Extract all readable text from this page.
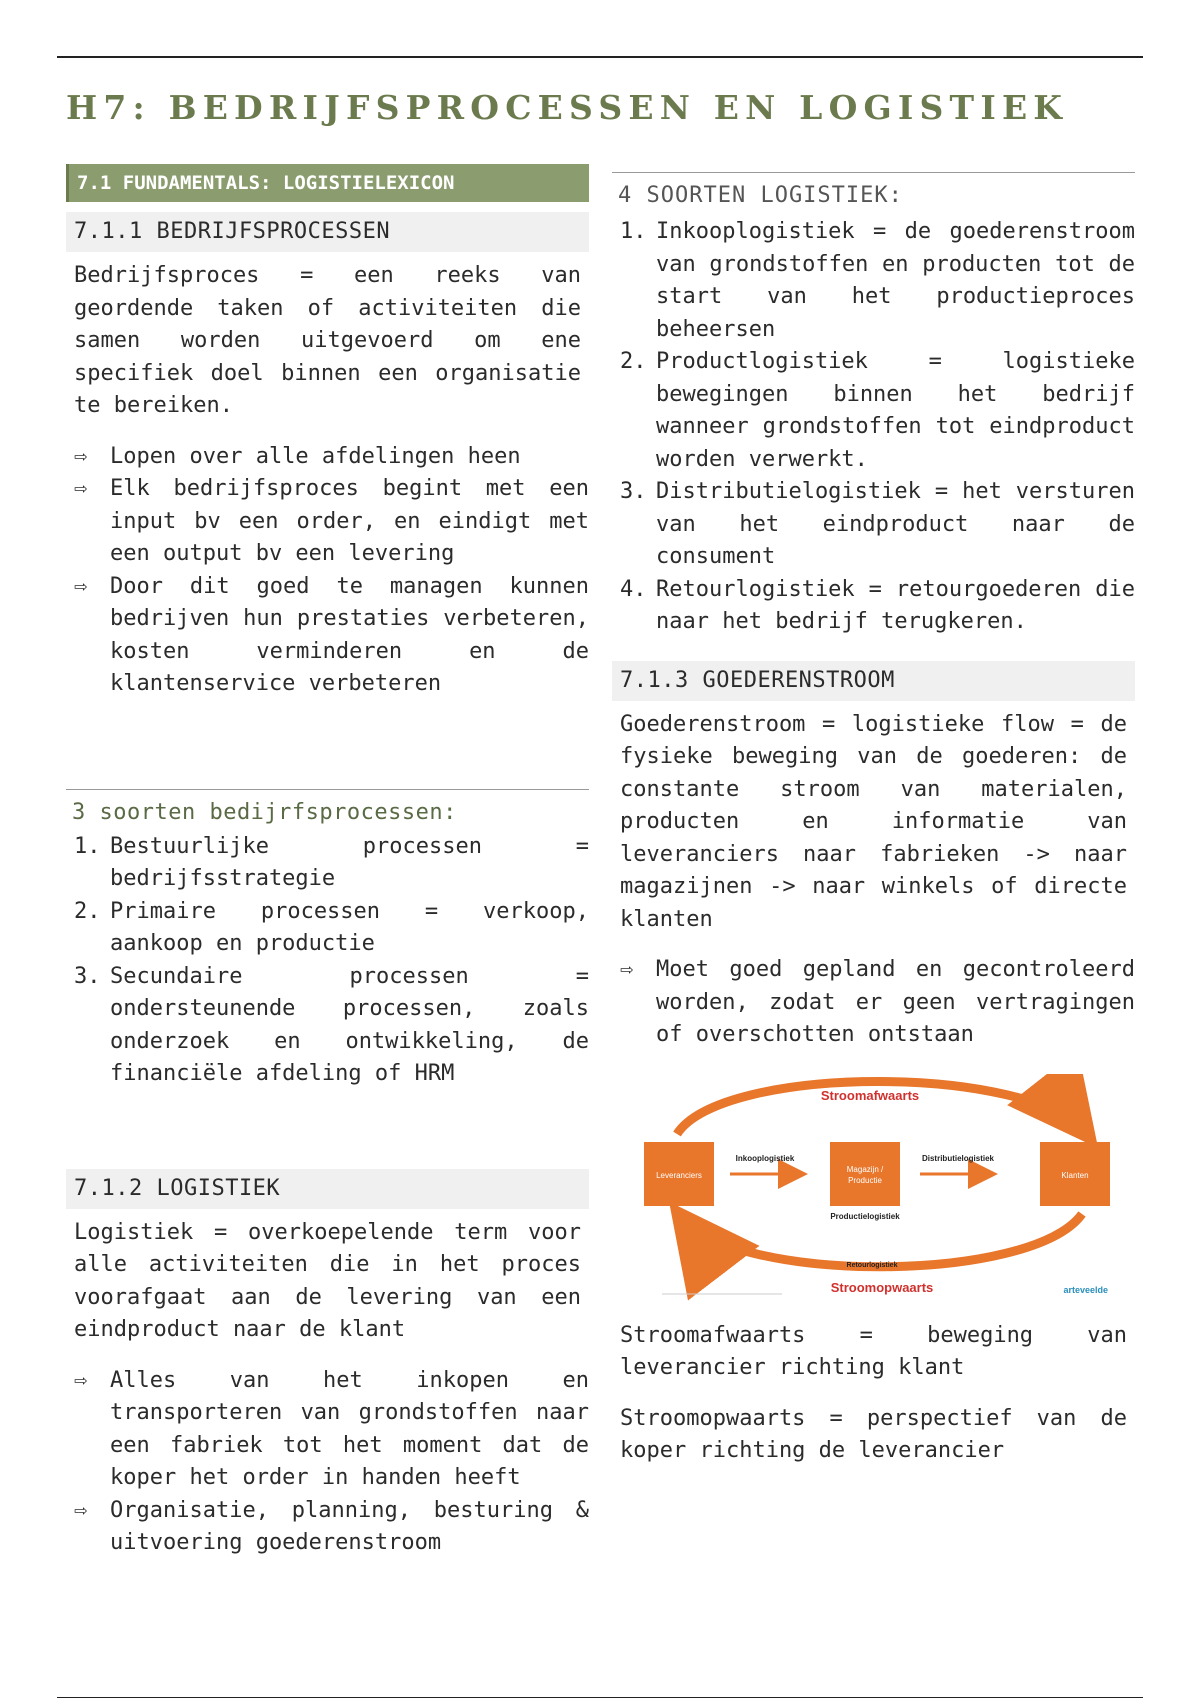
H7: BEDRIJFSPROCESSEN EN LOGISTIEK
7.1 FUNDAMENTALS: LOGISTIELEXICON
7.1.1 BEDRIJFSPROCESSEN

Bedrijfsproces = een reeks van geordende taken of activiteiten die samen worden uitgevoerd om ene specifiek doel binnen een organisatie te bereiken.

⇨ Lopen over alle afdelingen heen
⇨ Elk bedrijfsproces begint met een input bv een order, en eindigt met een output bv een levering
⇨ Door dit goed te managen kunnen bedrijven hun prestaties verbeteren, kosten verminderen en de klantenservice verbeteren
3 soorten bedijrfsprocessen:
1. Bestuurlijke processen = bedrijfsstrategie
2. Primaire processen = verkoop, aankoop en productie
3. Secundaire processen = ondersteunende processen, zoals onderzoek en ontwikkeling, de financiële afdeling of HRM
7.1.2 LOGISTIEK

Logistiek = overkoepelende term voor alle activiteiten die in het proces voorafgaat aan de levering van een eindproduct naar de klant

⇨ Alles van het inkopen en transporteren van grondstoffen naar een fabriek tot het moment dat de koper het order in handen heeft
⇨ Organisatie, planning, besturing & uitvoering goederenstroom
4 SOORTEN LOGISTIEK:
1. Inkooplogistiek = de goederenstroom van grondstoffen en producten tot de start van het productieproces beheersen
2. Productlogistiek = logistieke bewegingen binnen het bedrijf wanneer grondstoffen tot eindproduct worden verwerkt.
3. Distributielogistiek = het versturen van het eindproduct naar de consument
4. Retourlogistiek = retourgoederen die naar het bedrijf terugkeren.
7.1.3 GOEDERENSTROOM

Goederenstroom = logistieke flow = de fysieke beweging van de goederen: de constante stroom van materialen, producten en informatie van leveranciers naar fabrieken -> naar magazijnen -> naar winkels of directe klanten

⇨ Moet goed gepland en gecontroleerd worden, zodat er geen vertragingen of overschotten ontstaan
Stroomafwaarts
Stroomopwaarts
Leveranciers
Magazijn /
Productie
Klanten
Inkooplogistiek	Distributielogistiek
Productielogistiek
Retourlogistiek
arteveelde

Stroomafwaarts = beweging van leverancier richting klant

Stroomopwaarts = perspectief van de koper richting de leverancier
